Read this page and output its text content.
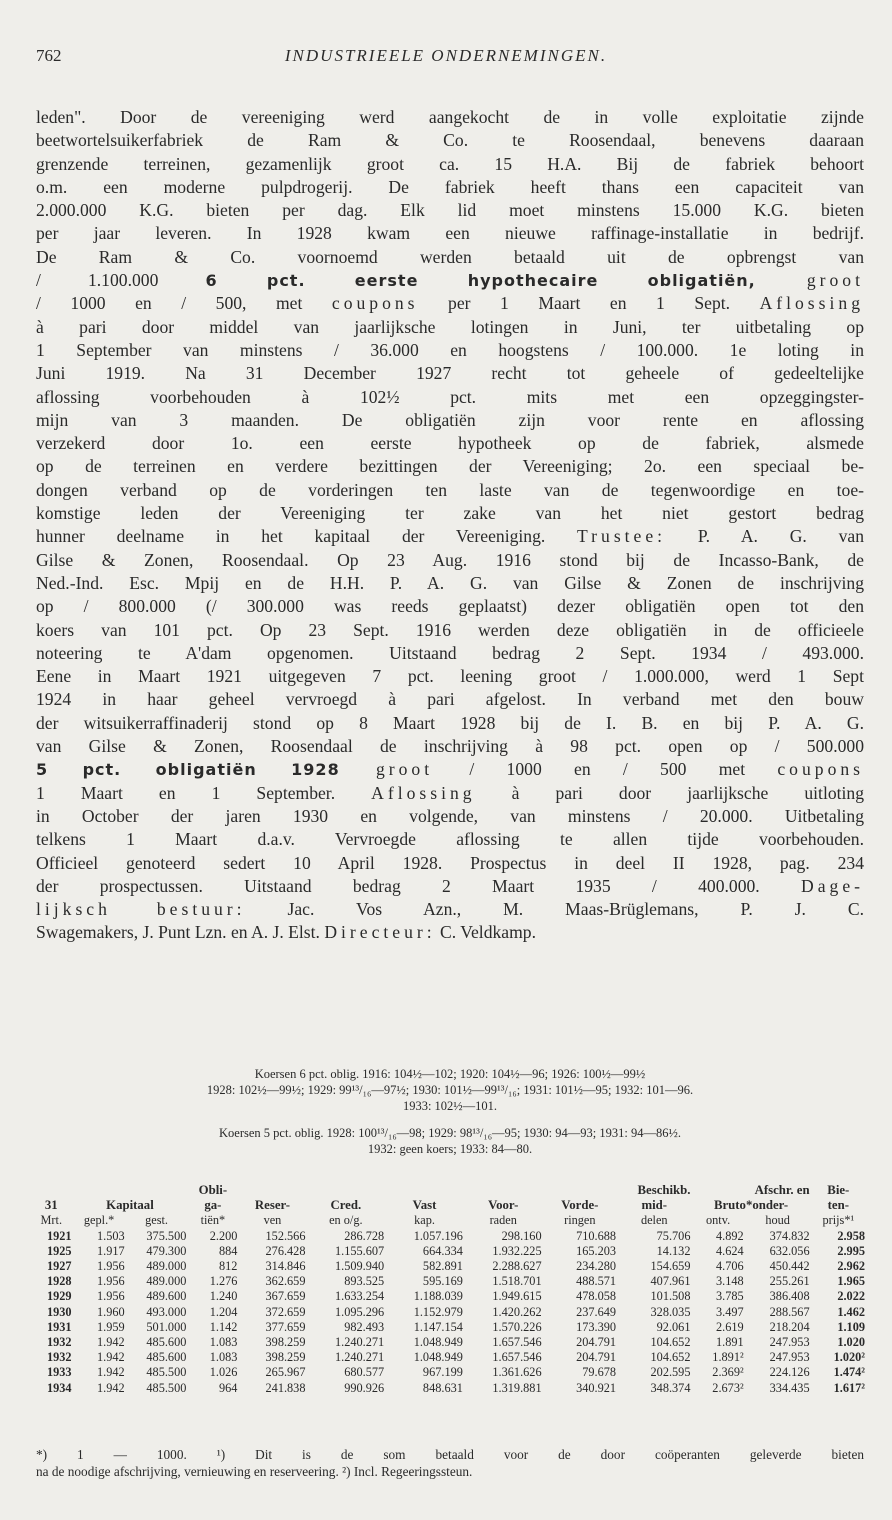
762	INDUSTRIEELE ONDERNEMINGEN.
leden". Door de vereeniging werd aangekocht de in volle exploitatie zijnde
beetwortelsuikerfabriek de Ram & Co. te Roosendaal, benevens daaraan
grenzende terreinen, gezamenlijk groot ca. 15 H.A. Bij de fabriek behoort
o.m. een moderne pulpdrogerij. De fabriek heeft thans een capaciteit van
2.000.000 K.G. bieten per dag. Elk lid moet minstens 15.000 K.G. bieten
per jaar leveren. In 1928 kwam een nieuwe raffinage-installatie in bedrijf.
De Ram & Co. voornoemd werden betaald uit de opbrengst van
/ 1.100.000 6 pct. eerste hypothecaire obligatiën, groot
/ 1000 en / 500, met coupons per 1 Maart en 1 Sept. Aflossing
à pari door middel van jaarlijksche lotingen in Juni, ter uitbetaling op
1 September van minstens / 36.000 en hoogstens / 100.000. 1e loting in
Juni 1919. Na 31 December 1927 recht tot geheele of gedeeltelijke
aflossing voorbehouden à 102½ pct. mits met een opzeggingster-
mijn van 3 maanden. De obligatiën zijn voor rente en aflossing
verzekerd door 1o. een eerste hypotheek op de fabriek, alsmede
op de terreinen en verdere bezittingen der Vereeniging; 2o. een speciaal be-
dongen verband op de vorderingen ten laste van de tegenwoordige en toe-
komstige leden der Vereeniging ter zake van het niet gestort bedrag
hunner deelname in het kapitaal der Vereeniging. Trustee: P. A. G. van
Gilse & Zonen, Roosendaal. Op 23 Aug. 1916 stond bij de Incasso-Bank, de
Ned.-Ind. Esc. Mpij en de H.H. P. A. G. van Gilse & Zonen de inschrijving
op / 800.000 (/ 300.000 was reeds geplaatst) dezer obligatiën open tot den
koers van 101 pct. Op 23 Sept. 1916 werden deze obligatiën in de officieele
noteering te A'dam opgenomen. Uitstaand bedrag 2 Sept. 1934 / 493.000.
Eene in Maart 1921 uitgegeven 7 pct. leening groot / 1.000.000, werd 1 Sept
1924 in haar geheel vervroegd à pari afgelost. In verband met den bouw
der witsuikerraffinaderij stond op 8 Maart 1928 bij de I. B. en bij P. A. G.
van Gilse & Zonen, Roosendaal de inschrijving à 98 pct. open op / 500.000
5 pct. obligatiën 1928 groot / 1000 en / 500 met coupons
1 Maart en 1 September. Aflossing à pari door jaarlijksche uitloting
in October der jaren 1930 en volgende, van minstens / 20.000. Uitbetaling
telkens 1 Maart d.a.v. Vervroegde aflossing te allen tijde voorbehouden.
Officieel genoteerd sedert 10 April 1928. Prospectus in deel II 1928, pag. 234
der prospectussen. Uitstaand bedrag 2 Maart 1935 / 400.000. Dage-
lijksch bestuur: Jac. Vos Azn., M. Maas-Brüglemans, P. J. C.
Swagemakers, J. Punt Lzn. en A. J. Elst. Directeur: C. Veldkamp.
Koersen 6 pct. oblig. 1916: 104½—102; 1920: 104½—96; 1926: 100½—99½
1928: 102½—99½; 1929: 99¹³/₁₆—97½; 1930: 101½—99¹³/₁₆; 1931: 101½—95; 1932: 101—96.
1933: 102½—101.
Koersen 5 pct. oblig. 1928: 100¹³/₁₆—98; 1929: 98¹³/₁₆—95; 1930: 94—93; 1931: 94—86½.
1932: geen koers; 1933: 84—80.
			Obli-					Beschikb.		Afschr. en		Bie-
31	Kapitaal		ga-	Reser-	Cred.	Vast	Voor-	Vorde-	mid-	Bruto*onder-		ten-
Mrt.	gepl.*	gest.	tiën*	ven	en o/g.	kap.	raden	ringen	delen	ontv.	houd	prijs*¹
1921	1.503	375.500	2.200	152.566	286.728	1.057.196	298.160	710.688	75.706	4.892	374.832	2.958
1925	1.917	479.300	884	276.428	1.155.607	664.334	1.932.225	165.203	14.132	4.624	632.056	2.995
1927	1.956	489.000	812	314.846	1.509.940	582.891	2.288.627	234.280	154.659	4.706	450.442	2.962
1928	1.956	489.000	1.276	362.659	893.525	595.169	1.518.701	488.571	407.961	3.148	255.261	1.965
1929	1.956	489.600	1.240	367.659	1.633.254	1.188.039	1.949.615	478.058	101.508	3.785	386.408	2.022
1930	1.960	493.000	1.204	372.659	1.095.296	1.152.979	1.420.262	237.649	328.035	3.497	288.567	1.462
1931	1.959	501.000	1.142	377.659	982.493	1.147.154	1.570.226	173.390	92.061	2.619	218.204	1.109
1932	1.942	485.600	1.083	398.259	1.240.271	1.048.949	1.657.546	204.791	104.652	1.891	247.953	1.020
1932	1.942	485.600	1.083	398.259	1.240.271	1.048.949	1.657.546	204.791	104.652	1.891²	247.953	1.020²
1933	1.942	485.500	1.026	265.967	680.577	967.199	1.361.626	79.678	202.595	2.369²	224.126	1.474²
1934	1.942	485.500	964	241.838	990.926	848.631	1.319.881	340.921	348.374	2.673²	334.435	1.617²
*) 1 — 1000. ¹) Dit is de som betaald voor de door coöperanten geleverde bieten
na de noodige afschrijving, vernieuwing en reserveering. ²) Incl. Regeeringssteun.
